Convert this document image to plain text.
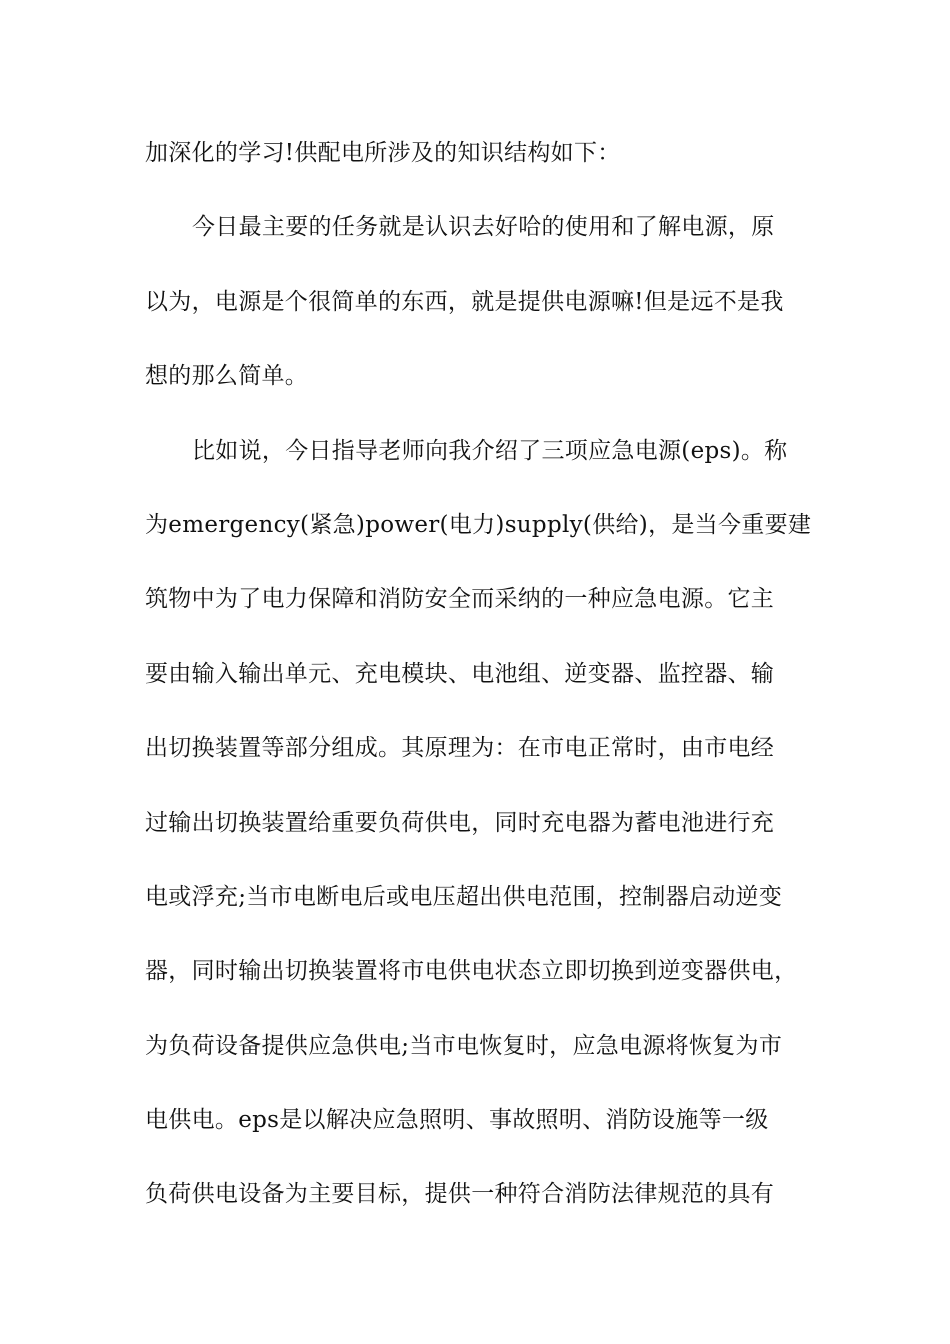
加深化的学习!供配电所涉及的知识结构如下：
今日最主要的任务就是认识去好哈的使用和了解电源，原
以为，电源是个很简单的东西，就是提供电源嘛!但是远不是我
想的那么简单。
比如说，今日指导老师向我介绍了三项应急电源(eps)。称
为emergency(紧急)power(电力)supply(供给)，是当今重要建
筑物中为了电力保障和消防安全而采纳的一种应急电源。它主
要由输入输出单元、充电模块、电池组、逆变器、监控器、输
出切换装置等部分组成。其原理为：在市电正常时，由市电经
过输出切换装置给重要负荷供电，同时充电器为蓄电池进行充
电或浮充;当市电断电后或电压超出供电范围，控制器启动逆变
器，同时输出切换装置将市电供电状态立即切换到逆变器供电，
为负荷设备提供应急供电;当市电恢复时，应急电源将恢复为市
电供电。eps是以解决应急照明、事故照明、消防设施等一级
负荷供电设备为主要目标，提供一种符合消防法律规范的具有
